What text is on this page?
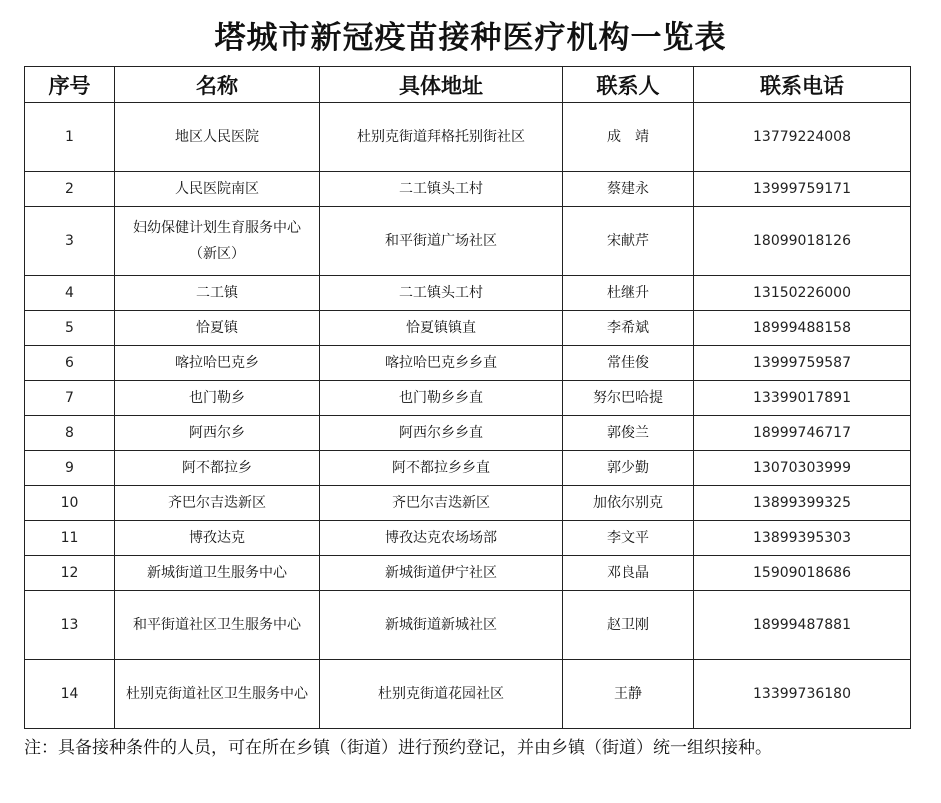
塔城市新冠疫苗接种医疗机构一览表
序号	名称	具体地址	联系人	联系电话
1	地区人民医院	杜别克街道拜格托别街社区	成　靖	13779224008
2	人民医院南区	二工镇头工村	蔡建永	13999759171
3	妇幼保健计划生育服务中心（新区）	和平街道广场社区	宋献芹	18099018126
4	二工镇	二工镇头工村	杜继升	13150226000
5	恰夏镇	恰夏镇镇直	李希斌	18999488158
6	喀拉哈巴克乡	喀拉哈巴克乡乡直	常佳俊	13999759587
7	也门勒乡	也门勒乡乡直	努尔巴哈提	13399017891
8	阿西尔乡	阿西尔乡乡直	郭俊兰	18999746717
9	阿不都拉乡	阿不都拉乡乡直	郭少勤	13070303999
10	齐巴尔吉迭新区	齐巴尔吉迭新区	加依尔别克	13899399325
11	博孜达克	博孜达克农场场部	李文平	13899395303
12	新城街道卫生服务中心	新城街道伊宁社区	邓良晶	15909018686
13	和平街道社区卫生服务中心	新城街道新城社区	赵卫刚	18999487881
14	杜别克街道社区卫生服务中心	杜别克街道花园社区	王静	13399736180
注：具备接种条件的人员，可在所在乡镇（街道）进行预约登记，并由乡镇（街道）统一组织接种。
